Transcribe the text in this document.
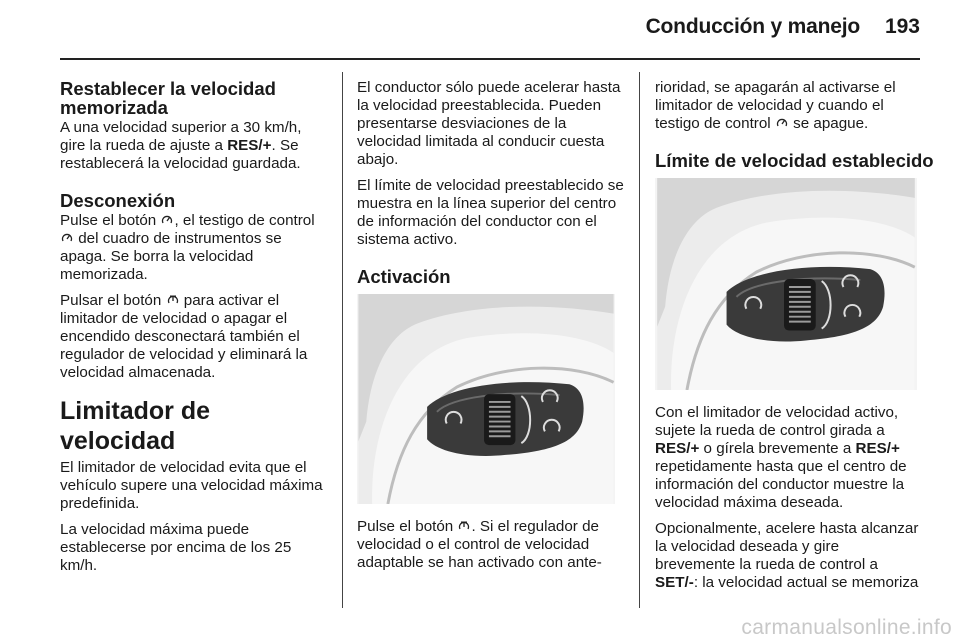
Conducción y manejo	193
Restablecer la velocidad memorizada

A una velocidad superior a 30 km/h, gire la rueda de ajuste a RES/+. Se restablecerá la velocidad guardada.

Desconexión

Pulse el botón , el testigo de control  del cuadro de instrumentos se apaga. Se borra la velocidad memorizada.

Pulsar el botón  para activar el limitador de velocidad o apagar el encendido desconectará también el regulador de velocidad y eliminará la velocidad almacenada.

Limitador de velocidad

El limitador de velocidad evita que el vehículo supere una velocidad máxima predefinida.

La velocidad máxima puede establecerse por encima de los 25 km/h.

El conductor sólo puede acelerar hasta la velocidad preestablecida. Pueden presentarse desviaciones de la velocidad limitada al conducir cuesta abajo.

El límite de velocidad preestablecido se muestra en la línea superior del centro de información del conductor con el sistema activo.

Activación

Pulse el botón . Si el regulador de velocidad o el control de velocidad adaptable se han activado con ante-

rioridad, se apagarán al activarse el limitador de velocidad y cuando el testigo de control  se apague.

Límite de velocidad establecido

Con el limitador de velocidad activo, sujete la rueda de control girada a RES/+ o gírela brevemente a RES/+ repetidamente hasta que el centro de información del conductor muestre la velocidad máxima deseada.

Opcionalmente, acelere hasta alcanzar la velocidad deseada y gire brevemente la rueda de control a SET/-: la velocidad actual se memoriza

carmanualsonline.info
